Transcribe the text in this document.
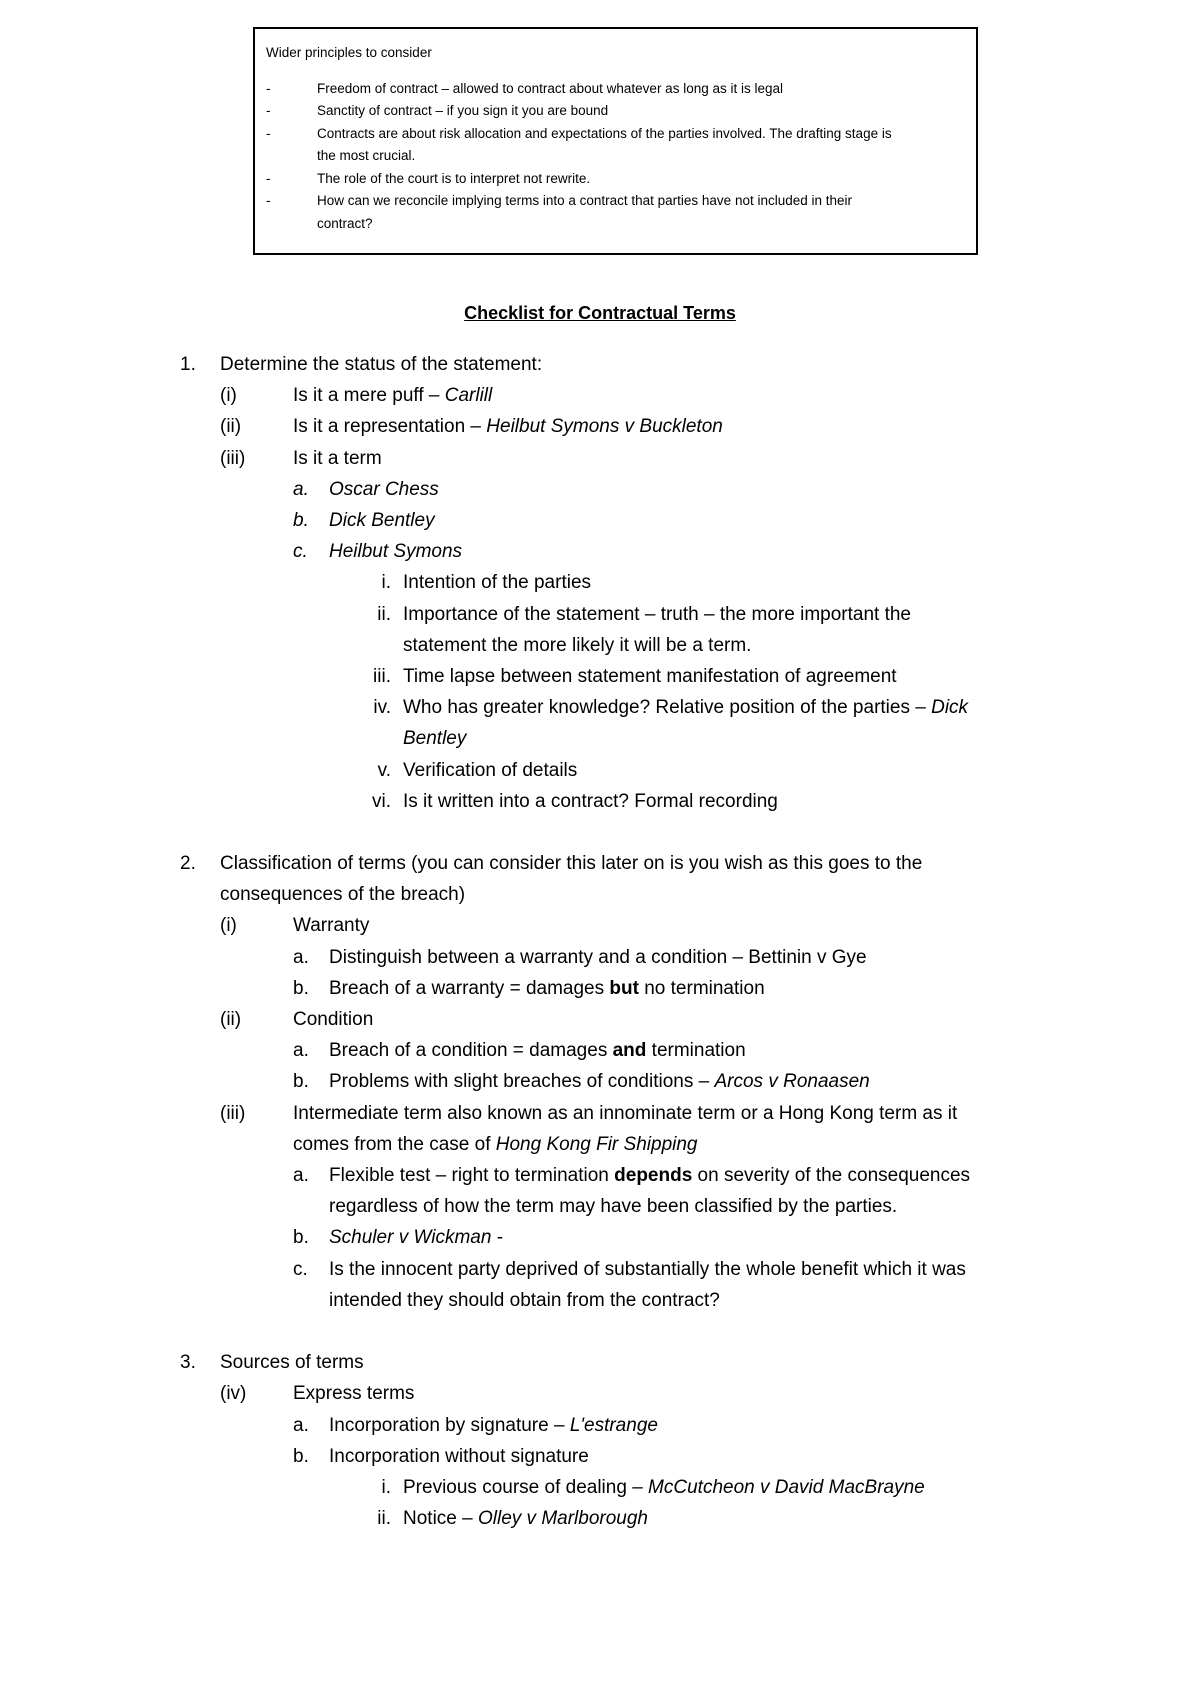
Wider principles to consider
-	Freedom of contract – allowed to contract about whatever as long as it is legal
-	Sanctity of contract – if you sign it you are bound
-	Contracts are about risk allocation and expectations of the parties involved. The drafting stage is
the most crucial.
-	The role of the court is to interpret not rewrite.
-	How can we reconcile implying terms into a contract that parties have not included in their
contract?
Checklist for Contractual Terms
1. Determine the status of the statement:

(i)	Is it a mere puff – Carlill

(ii)	Is it a representation – Heilbut Symons v Buckleton

(iii)	Is it a term

a. Oscar Chess

b. Dick Bentley

c. Heilbut Symons

i. Intention of the parties

ii. Importance of the statement – truth – the more important the

statement the more likely it will be a term.

iii. Time lapse between statement manifestation of agreement

iv. Who has greater knowledge? Relative position of the parties – Dick

Bentley

v. Verification of details

vi. Is it written into a contract? Formal recording

2. Classification of terms (you can consider this later on is you wish as this goes to the

consequences of the breach)

(i)	Warranty

a. Distinguish between a warranty and a condition – Bettinin v Gye

b. Breach of a warranty = damages but no termination

(ii)	Condition

a. Breach of a condition = damages and termination

b. Problems with slight breaches of conditions – Arcos v Ronaasen

(iii)	Intermediate term also known as an innominate term or a Hong Kong term as it

comes from the case of Hong Kong Fir Shipping

a. Flexible test – right to termination depends on severity of the consequences

regardless of how the term may have been classified by the parties.

b. Schuler v Wickman -

c. Is the innocent party deprived of substantially the whole benefit which it was

intended they should obtain from the contract?

3. Sources of terms

(iv) Express terms

a. Incorporation by signature – L'estrange

b. Incorporation without signature

i. Previous course of dealing – McCutcheon v David MacBrayne

ii. Notice – Olley v Marlborough
